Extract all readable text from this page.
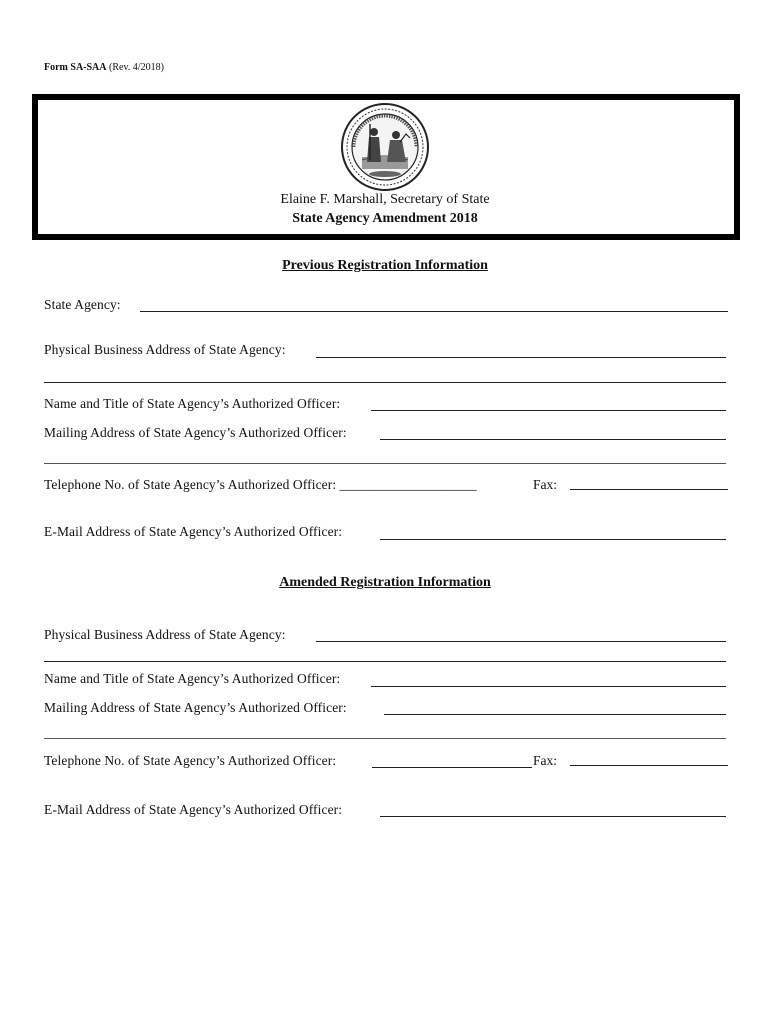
Form SA-SAA (Rev. 4/2018)
Elaine F. Marshall, Secretary of State
State Agency Amendment 2018
Previous Registration Information
State Agency:
Physical Business Address of State Agency:
Name and Title of State Agency’s Authorized Officer:
Mailing Address of State Agency’s Authorized Officer:
Telephone No. of State Agency’s Authorized Officer: ____________________	Fax:
E-Mail Address of State Agency’s Authorized Officer:
Amended Registration Information
Physical Business Address of State Agency:
Name and Title of State Agency’s Authorized Officer:
Mailing Address of State Agency’s Authorized Officer:
Telephone No. of State Agency’s Authorized Officer:	Fax:
E-Mail Address of State Agency’s Authorized Officer:
